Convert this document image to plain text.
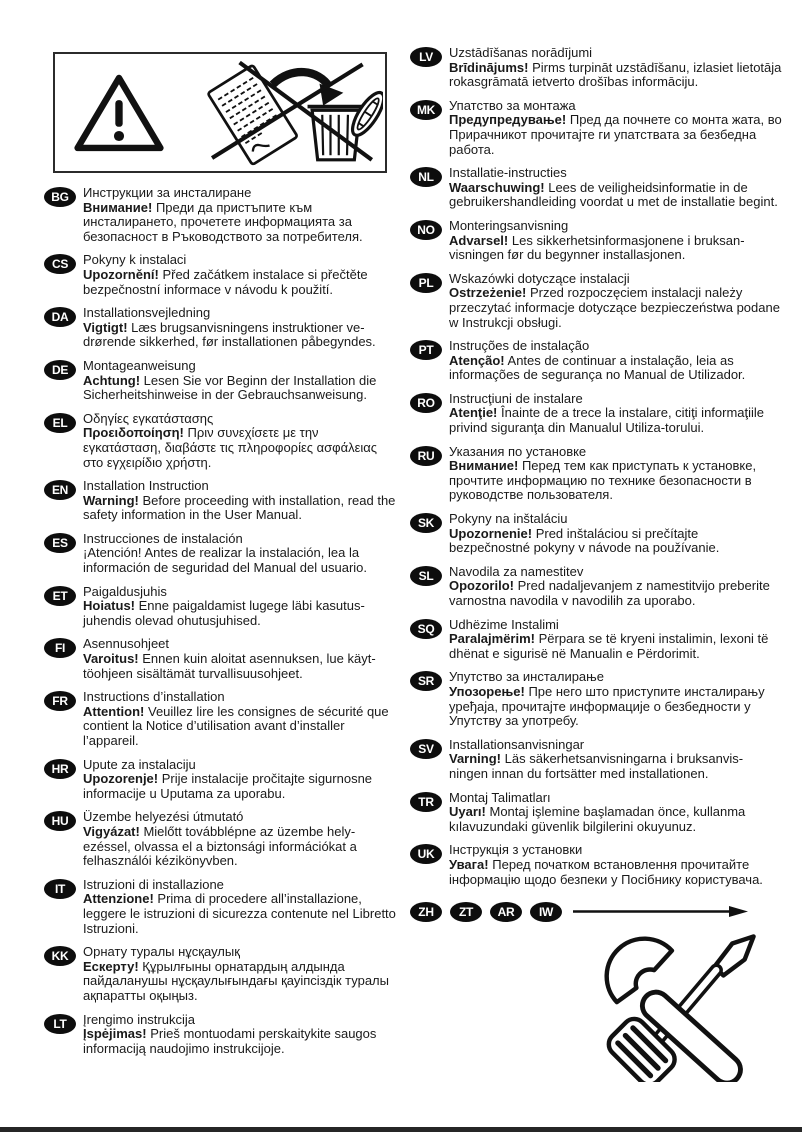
BG	Инструкции за инсталиране
Внимание! Преди да пристъпите към инсталирането, прочетете информацията за безопасност в Ръководството за потребителя.
CS	Pokyny k instalaci
Upozornění! Před začátkem instalace si přečtěte bezpečnostní informace v návodu k použití.
DA	Installationsvejledning
Vigtigt! Læs brugsanvisningens instruktioner ve-drørende sikkerhed, før installationen påbegyndes.
DE	Montageanweisung
Achtung! Lesen Sie vor Beginn der Installation die Sicherheitshinweise in der Gebrauchsanweisung.
EL	Οδηγίες εγκατάστασης
Προειδοποίηση! Πριν συνεχίσετε με την εγκατάσταση, διαβάστε τις πληροφορίες ασφάλειας στο εγχειρίδιο χρήστη.
EN	Installation Instruction
Warning! Before proceeding with installation, read the safety information in the User Manual.
ES	Instrucciones de instalación
¡Atención! Antes de realizar la instalación, lea la información de seguridad del Manual del usuario.
ET	Paigaldusjuhis
Hoiatus! Enne paigaldamist lugege läbi kasutus-juhendis olevad ohutusjuhised.
FI	Asennusohjeet
Varoitus! Ennen kuin aloitat asennuksen, lue käyt-töohjeen sisältämät turvallisuusohjeet.
FR	Instructions d’installation
Attention! Veuillez lire les consignes de sécurité que contient la Notice d’utilisation avant d’installer l’appareil.
HR	Upute za instalaciju
Upozorenje! Prije instalacije pročitajte sigurnosne informacije u Uputama za uporabu.
HU	Üzembe helyezési útmutató
Vigyázat! Mielőtt továbblépne az üzembe hely-ezéssel, olvassa el a biztonsági információkat a felhasználói kézikönyvben.
IT	Istruzioni di installazione
Attenzione! Prima di procedere all’installazione, leggere le istruzioni di sicurezza contenute nel Libretto Istruzioni.
KK	Орнату туралы нұсқаулық
Ескерту! Құрылғыны орнатардың алдында пайдаланушы нұсқаулығындағы қауіпсіздік туралы ақпаратты оқыңыз.
LT	Įrengimo instrukcija
Įspėjimas! Prieš montuodami perskaitykite saugos informaciją naudojimo instrukcijoje.
LV	Uzstādīšanas norādījumi
Brīdinājums! Pirms turpināt uzstādīšanu, izlasiet lietotāja rokasgrāmatā ietverto drošības informāciju.
MK	Упатство за монтажа
Предупредување! Пред да почнете со монта жата, во Прирачникот прочитајте ги упатствата за безбедна работа.
NL	Installatie-instructies
Waarschuwing! Lees de veiligheidsinformatie in de gebruikershandleiding voordat u met de installatie begint.
NO	Monteringsanvisning
Advarsel! Les sikkerhetsinformasjonene i bruksan-visningen før du begynner installasjonen.
PL	Wskazówki dotyczące instalacji
Ostrzeżenie! Przed rozpoczęciem instalacji należy przeczytać informacje dotyczące bezpieczeństwa podane w Instrukcji obsługi.
PT	Instruções de instalação
Atenção! Antes de continuar a instalação, leia as informações de segurança no Manual de Utilizador.
RO	Instrucţiuni de instalare
Atenţie! Înainte de a trece la instalare, citiţi informaţiile privind siguranţa din Manualul Utiliza-torului.
RU	Указания по установке
Внимание! Перед тем как приступать к установке, прочтите информацию по технике безопасности в руководстве пользователя.
SK	Pokyny na inštaláciu
Upozornenie! Pred inštaláciou si prečítajte bezpečnostné pokyny v návode na používanie.
SL	Navodila za namestitev
Opozorilo! Pred nadaljevanjem z namestitvijo preberite varnostna navodila v navodilih za uporabo.
SQ	Udhëzime Instalimi
Paralajmërim! Përpara se të kryeni instalimin, lexoni të dhënat e sigurisë në Manualin e Përdorimit.
SR	Упутство за инсталирање
Упозорење! Пре него што приступите инсталирању уређаја, прочитајте информације о безбедности у Упутству за употребу.
SV	Installationsanvisningar
Varning! Läs säkerhetsanvisningarna i bruksanvis-ningen innan du fortsätter med installationen.
TR	Montaj Talimatları
Uyarı! Montaj işlemine başlamadan önce, kullanma kılavuzundaki güvenlik bilgilerini okuyunuz.
UK	Інструкція з установки
Увага! Перед початком встановлення прочитайте інформацію щодо безпеки у Посібнику користувача.
ZH	ZT	AR	IW
